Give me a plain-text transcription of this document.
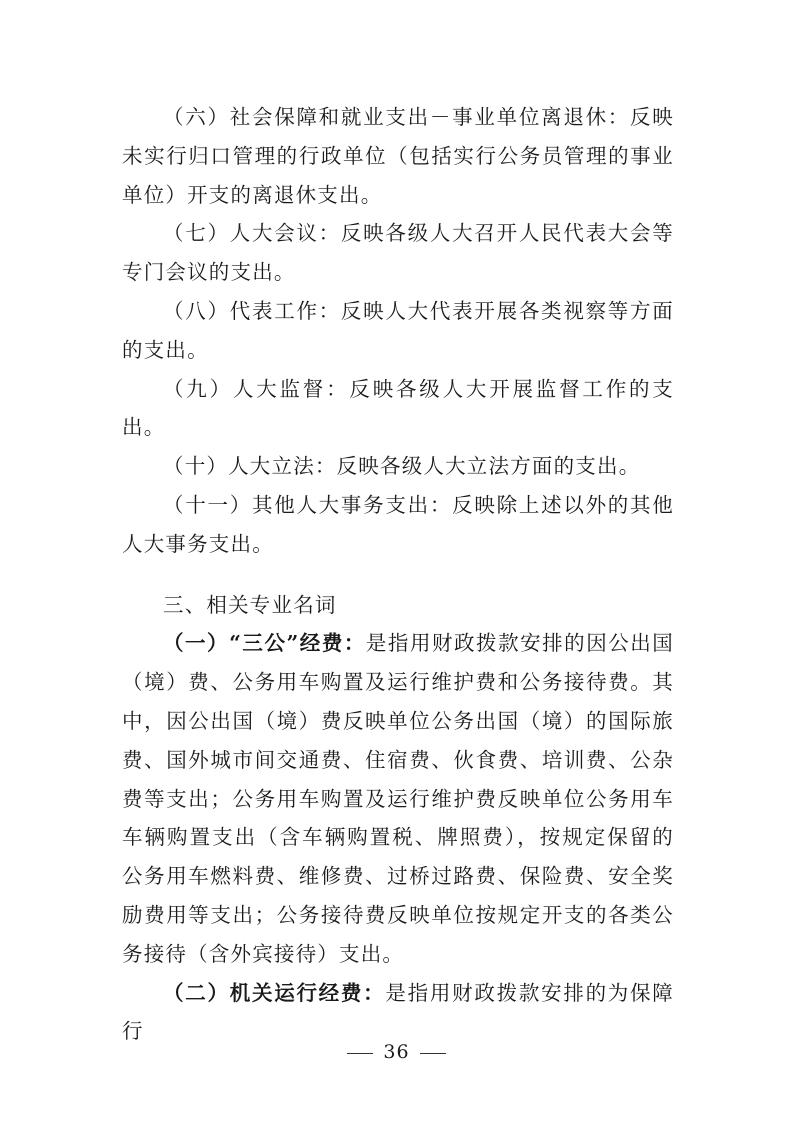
（六）社会保障和就业支出－事业单位离退休：反映未实行归口管理的行政单位（包括实行公务员管理的事业单位）开支的离退休支出。

（七）人大会议：反映各级人大召开人民代表大会等专门会议的支出。

（八）代表工作：反映人大代表开展各类视察等方面的支出。

（九）人大监督：反映各级人大开展监督工作的支出。

（十）人大立法：反映各级人大立法方面的支出。

（十一）其他人大事务支出：反映除上述以外的其他人大事务支出。

三、相关专业名词

（一）“三公”经费：是指用财政拨款安排的因公出国（境）费、公务用车购置及运行维护费和公务接待费。其中，因公出国（境）费反映单位公务出国（境）的国际旅费、国外城市间交通费、住宿费、伙食费、培训费、公杂费等支出；公务用车购置及运行维护费反映单位公务用车车辆购置支出（含车辆购置税、牌照费），按规定保留的公务用车燃料费、维修费、过桥过路费、保险费、安全奖励费用等支出；公务接待费反映单位按规定开支的各类公务接待（含外宾接待）支出。

（二）机关运行经费：是指用财政拨款安排的为保障行

36
